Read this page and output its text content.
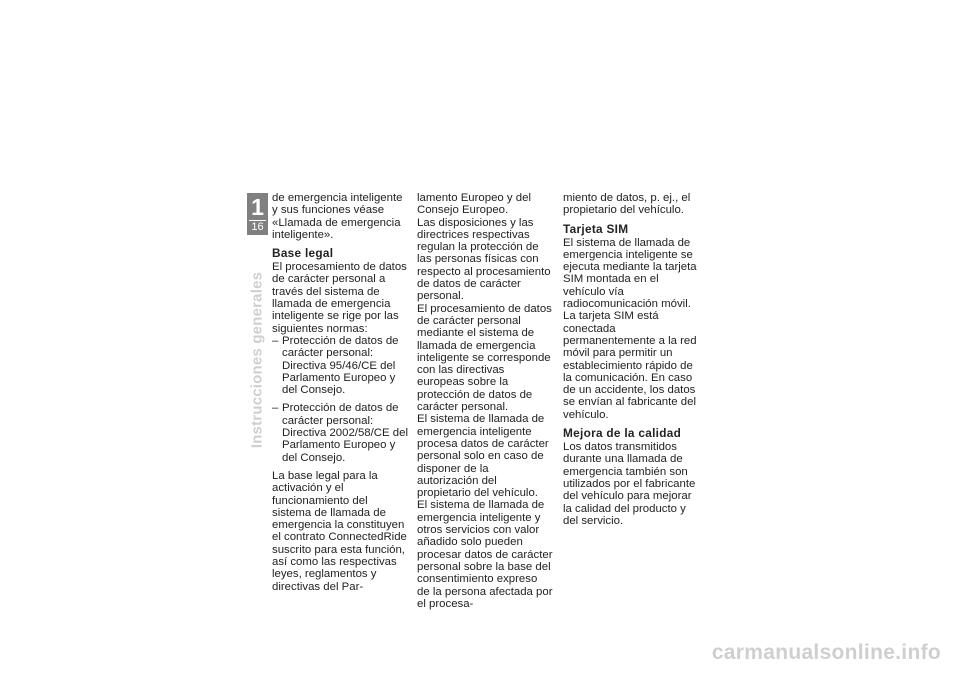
1
16
Instrucciones generales

de emergencia inteligente y sus funciones véase «Llamada de emergencia inteligente».

Base legal

El procesamiento de datos de carácter personal a través del sistema de llamada de emergencia inteligente se rige por las siguientes normas:

– Protección de datos de carácter personal: Directiva 95/46/CE del Parlamento Europeo y del Consejo.
– Protección de datos de carácter personal: Directiva 2002/58/CE del Parlamento Europeo y del Consejo.

La base legal para la activación y el funcionamiento del sistema de llamada de emergencia la constituyen el contrato ConnectedRide suscrito para esta función, así como las respectivas leyes, reglamentos y directivas del Par-

lamento Europeo y del Consejo Europeo.

Las disposiciones y las directrices respectivas regulan la protección de las personas físicas con respecto al procesamiento de datos de carácter personal.

El procesamiento de datos de carácter personal mediante el sistema de llamada de emergencia inteligente se corresponde con las directivas europeas sobre la protección de datos de carácter personal.

El sistema de llamada de emergencia inteligente procesa datos de carácter personal solo en caso de disponer de la autorización del propietario del vehículo.

El sistema de llamada de emergencia inteligente y otros servicios con valor añadido solo pueden procesar datos de carácter personal sobre la base del consentimiento expreso de la persona afectada por el procesa-

miento de datos, p. ej., el propietario del vehículo.

Tarjeta SIM

El sistema de llamada de emergencia inteligente se ejecuta mediante la tarjeta SIM montada en el vehículo vía radiocomunicación móvil. La tarjeta SIM está conectada permanentemente a la red móvil para permitir un establecimiento rápido de la comunicación. En caso de un accidente, los datos se envían al fabricante del vehículo.

Mejora de la calidad

Los datos transmitidos durante una llamada de emergencia también son utilizados por el fabricante del vehículo para mejorar la calidad del producto y del servicio.

carmanualsonline.info
